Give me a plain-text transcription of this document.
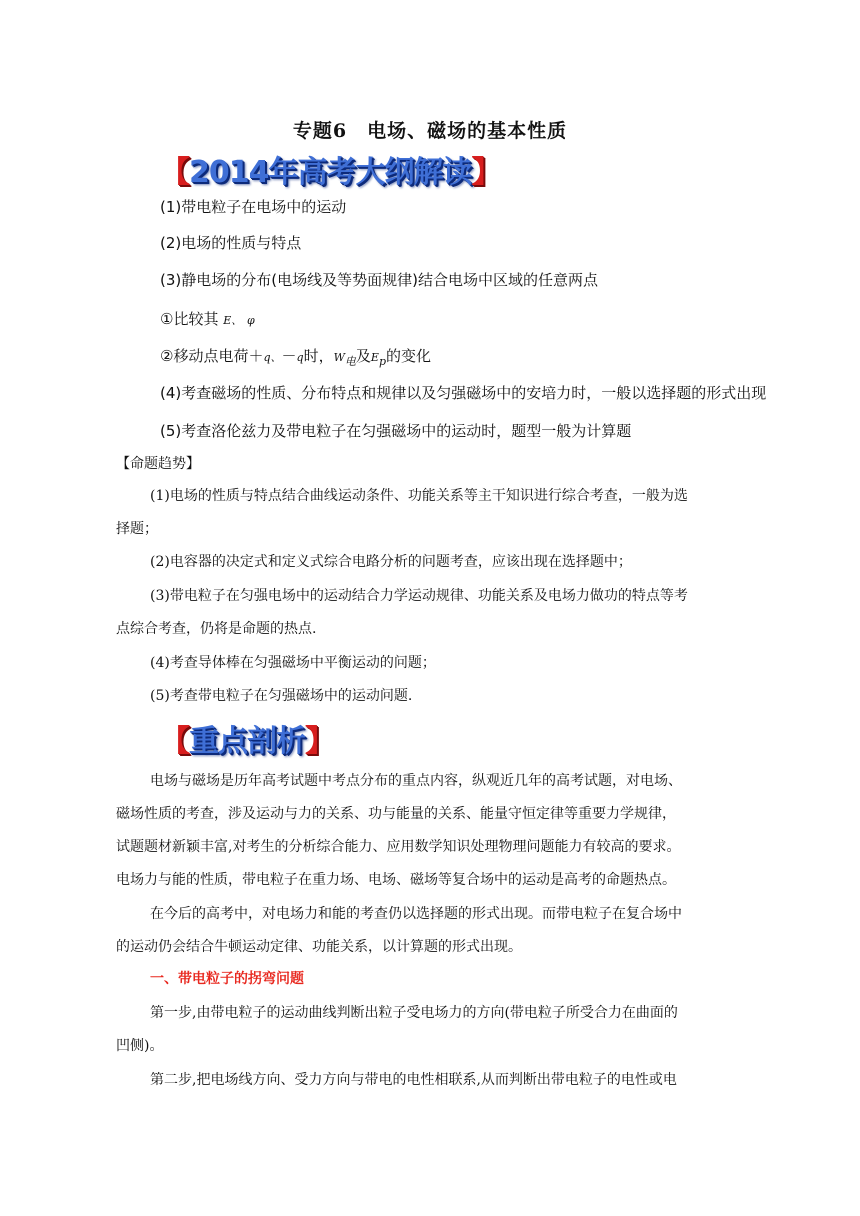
专题6　电场、磁场的基本性质
【2014年高考大纲解读】
(1)带电粒子在电场中的运动
(2)电场的性质与特点
(3)静电场的分布(电场线及等势面规律)结合电场中区域的任意两点
①比较其 E、 φ
②移动点电荷＋q、－q时，$W_电$及$E_p$的变化
(4)考查磁场的性质、分布特点和规律以及匀强磁场中的安培力时，一般以选择题的形式出现
(5)考查洛伦兹力及带电粒子在匀强磁场中的运动时，题型一般为计算题
【命题趋势】
(1)电场的性质与特点结合曲线运动条件、功能关系等主干知识进行综合考查，一般为选
择题；
(2)电容器的决定式和定义式综合电路分析的问题考查，应该出现在选择题中；
(3)带电粒子在匀强电场中的运动结合力学运动规律、功能关系及电场力做功的特点等考
点综合考查，仍将是命题的热点.
(4)考查导体棒在匀强磁场中平衡运动的问题；
(5)考查带电粒子在匀强磁场中的运动问题.
【重点剖析】
电场与磁场是历年高考试题中考点分布的重点内容，纵观近几年的高考试题，对电场、
磁场性质的考查，涉及运动与力的关系、功与能量的关系、能量守恒定律等重要力学规律，
试题题材新颖丰富,对考生的分析综合能力、应用数学知识处理物理问题能力有较高的要求。
电场力与能的性质，带电粒子在重力场、电场、磁场等复合场中的运动是高考的命题热点。
在今后的高考中，对电场力和能的考查仍以选择题的形式出现。而带电粒子在复合场中
的运动仍会结合牛顿运动定律、功能关系，以计算题的形式出现。
一、带电粒子的拐弯问题
第一步,由带电粒子的运动曲线判断出粒子受电场力的方向(带电粒子所受合力在曲面的
凹侧)。
第二步,把电场线方向、受力方向与带电的电性相联系,从而判断出带电粒子的电性或电
